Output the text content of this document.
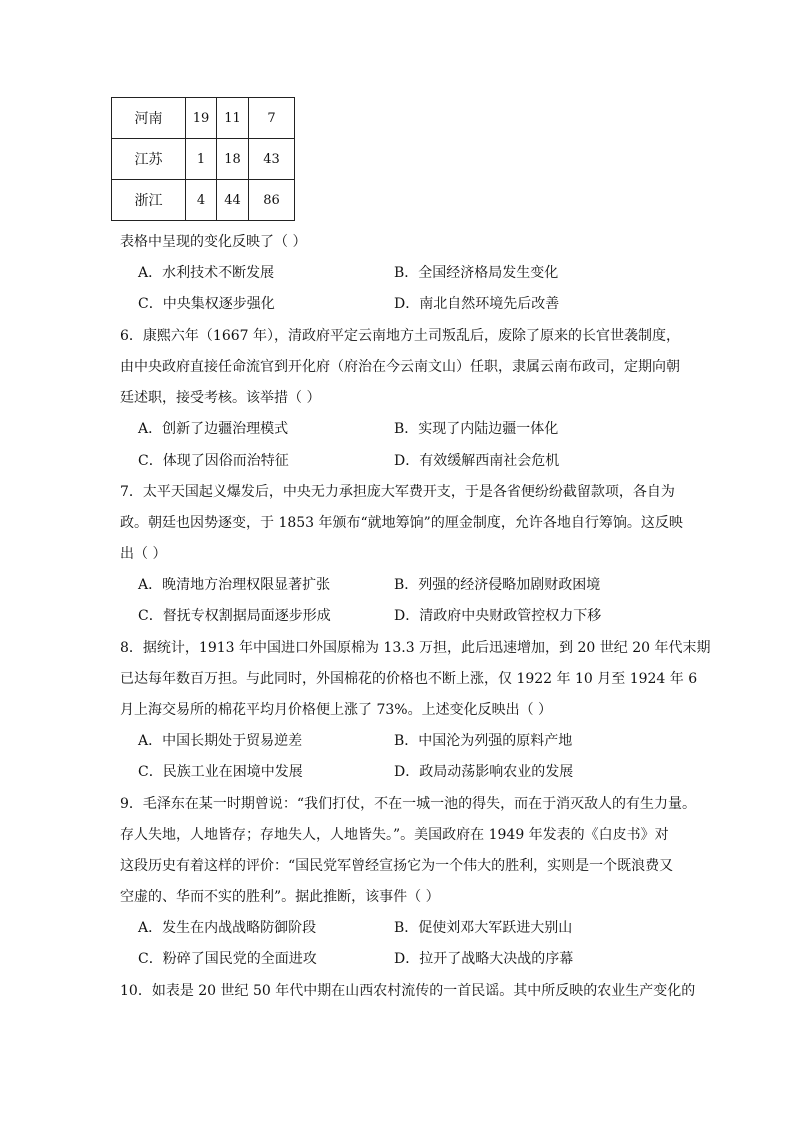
河南	19	11	7
江苏	1	18	43
浙江	4	44	86
表格中呈现的变化反映了（ ）
A．水利技术不断发展	B．全国经济格局发生变化
C．中央集权逐步强化	D．南北自然环境先后改善
6．康熙六年（1667 年），清政府平定云南地方土司叛乱后，废除了原来的长官世袭制度，
由中央政府直接任命流官到开化府（府治在今云南文山）任职，隶属云南布政司，定期向朝
廷述职，接受考核。该举措（ ）
A．创新了边疆治理模式	B．实现了内陆边疆一体化
C．体现了因俗而治特征	D．有效缓解西南社会危机
7．太平天国起义爆发后，中央无力承担庞大军费开支，于是各省便纷纷截留款项，各自为
政。朝廷也因势逐变，于 1853 年颁布“就地筹饷”的厘金制度，允许各地自行筹饷。这反映
出（ ）
A．晚清地方治理权限显著扩张	B．列强的经济侵略加剧财政困境
C．督抚专权割据局面逐步形成	D．清政府中央财政管控权力下移
8．据统计，1913 年中国进口外国原棉为 13.3 万担，此后迅速增加，到 20 世纪 20 年代末期
已达每年数百万担。与此同时，外国棉花的价格也不断上涨，仅 1922 年 10 月至 1924 年 6
月上海交易所的棉花平均月价格便上涨了 73%。上述变化反映出（ ）
A．中国长期处于贸易逆差	B．中国沦为列强的原料产地
C．民族工业在困境中发展	D．政局动荡影响农业的发展
9．毛泽东在某一时期曾说：“我们打仗，不在一城一池的得失，而在于消灭敌人的有生力量。
存人失地，人地皆存；存地失人，人地皆失。”。美国政府在 1949 年发表的《白皮书》对
这段历史有着这样的评价：“国民党军曾经宣扬它为一个伟大的胜利，实则是一个既浪费又
空虚的、华而不实的胜利”。据此推断，该事件（ ）
A．发生在内战战略防御阶段	B．促使刘邓大军跃进大别山
C．粉碎了国民党的全面进攻	D．拉开了战略大决战的序幕
10．如表是 20 世纪 50 年代中期在山西农村流传的一首民谣。其中所反映的农业生产变化的
